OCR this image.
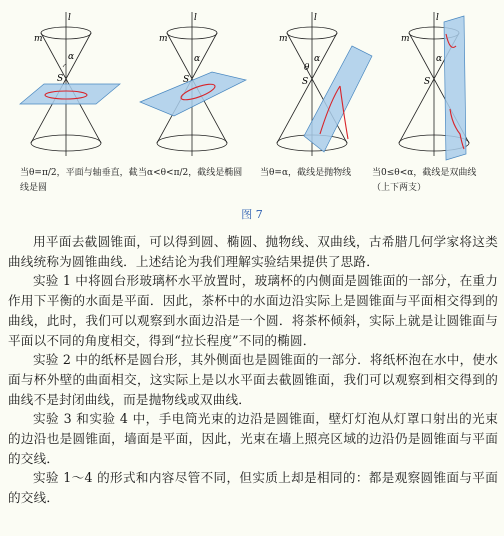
l
m
α
S
l
m
α
S
l
m
α
θ
S
l
m
α
S
当θ=π/2，平面与轴垂直，截线是圆
当α<θ<π/2，截线是椭圆	当θ=α，截线是抛物线	当0≤θ<α，截线是双曲线（上下两支）
图 7

用平面去截圆锥面，可以得到圆、椭圆、抛物线、双曲线，古希腊几何学家将这类曲线统称为圆锥曲线．上述结论为我们理解实验结果提供了思路．

实验 1 中将圆台形玻璃杯水平放置时，玻璃杯的内侧面是圆锥面的一部分，在重力作用下平衡的水面是平面．因此，茶杯中的水面边沿实际上是圆锥面与平面相交得到的曲线，此时，我们可以观察到水面边沿是一个圆．将茶杯倾斜，实际上就是让圆锥面与平面以不同的角度相交，得到“拉长程度”不同的椭圆．

实验 2 中的纸杯是圆台形，其外侧面也是圆锥面的一部分．将纸杯泡在水中，使水面与杯外壁的曲面相交，这实际上是以水平面去截圆锥面，我们可以观察到相交得到的曲线不是封闭曲线，而是抛物线或双曲线．

实验 3 和实验 4 中，手电筒光束的边沿是圆锥面，壁灯灯泡从灯罩口射出的光束的边沿也是圆锥面，墙面是平面，因此，光束在墙上照亮区域的边沿仍是圆锥面与平面的交线．

实验 1～4 的形式和内容尽管不同，但实质上却是相同的：都是观察圆锥面与平面的交线．
